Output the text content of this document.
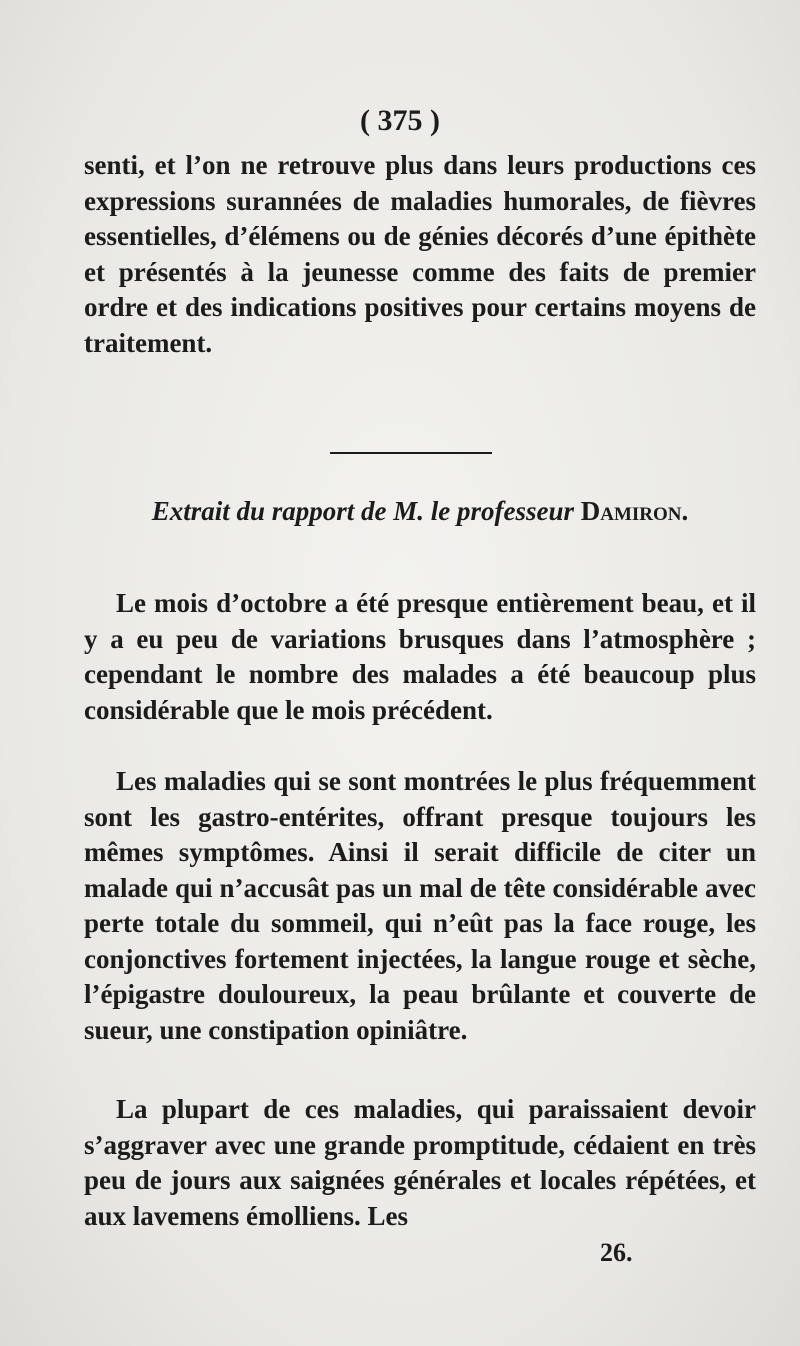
( 375 )

senti, et l’on ne retrouve plus dans leurs productions ces expressions surannées de maladies humorales, de fièvres essentielles, d’élémens ou de génies décorés d’une épithète et présentés à la jeunesse comme des faits de premier ordre et des indications positives pour certains moyens de traitement.

Extrait du rapport de M. le professeur Damiron.

Le mois d’octobre a été presque entièrement beau, et il y a eu peu de variations brusques dans l’atmosphère ; cependant le nombre des malades a été beaucoup plus considérable que le mois précédent.

Les maladies qui se sont montrées le plus fréquemment sont les gastro-entérites, offrant presque toujours les mêmes symptômes. Ainsi il serait difficile de citer un malade qui n’accusât pas un mal de tête considérable avec perte totale du sommeil, qui n’eût pas la face rouge, les conjonctives fortement injectées, la langue rouge et sèche, l’épigastre douloureux, la peau brûlante et couverte de sueur, une constipation opiniâtre.

La plupart de ces maladies, qui paraissaient devoir s’aggraver avec une grande promptitude, cédaient en très peu de jours aux saignées générales et locales répétées, et aux lavemens émolliens. Les

26.
